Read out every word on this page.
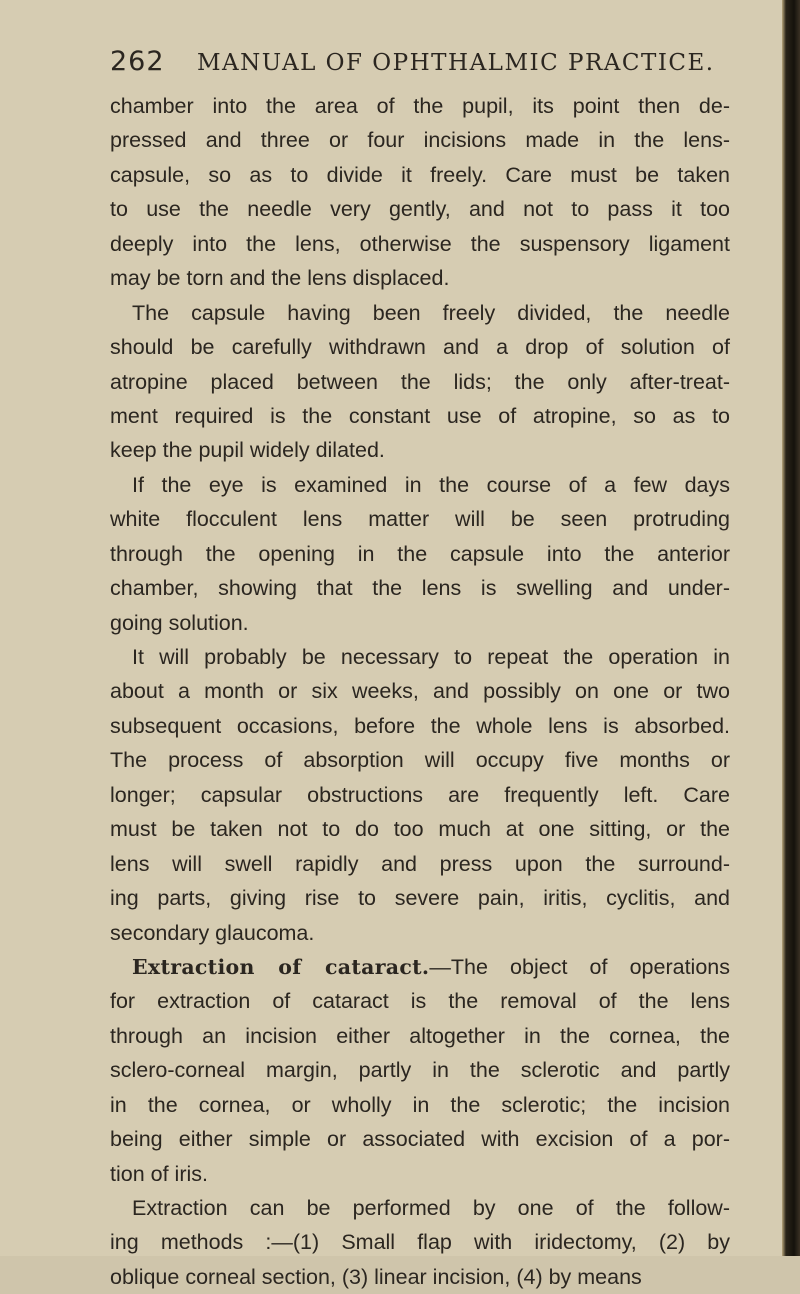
262 MANUAL OF OPHTHALMIC PRACTICE.
chamber into the area of the pupil, its point then de-
pressed and three or four incisions made in the lens-
capsule, so as to divide it freely. Care must be taken
to use the needle very gently, and not to pass it too
deeply into the lens, otherwise the suspensory ligament
may be torn and the lens displaced.
The capsule having been freely divided, the needle
should be carefully withdrawn and a drop of solution of
atropine placed between the lids; the only after-treat-
ment required is the constant use of atropine, so as to
keep the pupil widely dilated.
If the eye is examined in the course of a few days
white flocculent lens matter will be seen protruding
through the opening in the capsule into the anterior
chamber, showing that the lens is swelling and under-
going solution.
It will probably be necessary to repeat the operation in
about a month or six weeks, and possibly on one or two
subsequent occasions, before the whole lens is absorbed.
The process of absorption will occupy five months or
longer; capsular obstructions are frequently left. Care
must be taken not to do too much at one sitting, or the
lens will swell rapidly and press upon the surround-
ing parts, giving rise to severe pain, iritis, cyclitis, and
secondary glaucoma.
Extraction of cataract.—The object of operations
for extraction of cataract is the removal of the lens
through an incision either altogether in the cornea, the
sclero-corneal margin, partly in the sclerotic and partly
in the cornea, or wholly in the sclerotic; the incision
being either simple or associated with excision of a por-
tion of iris.
Extraction can be performed by one of the follow-
ing methods :—(1) Small flap with iridectomy, (2) by
oblique corneal section, (3) linear incision, (4) by means
